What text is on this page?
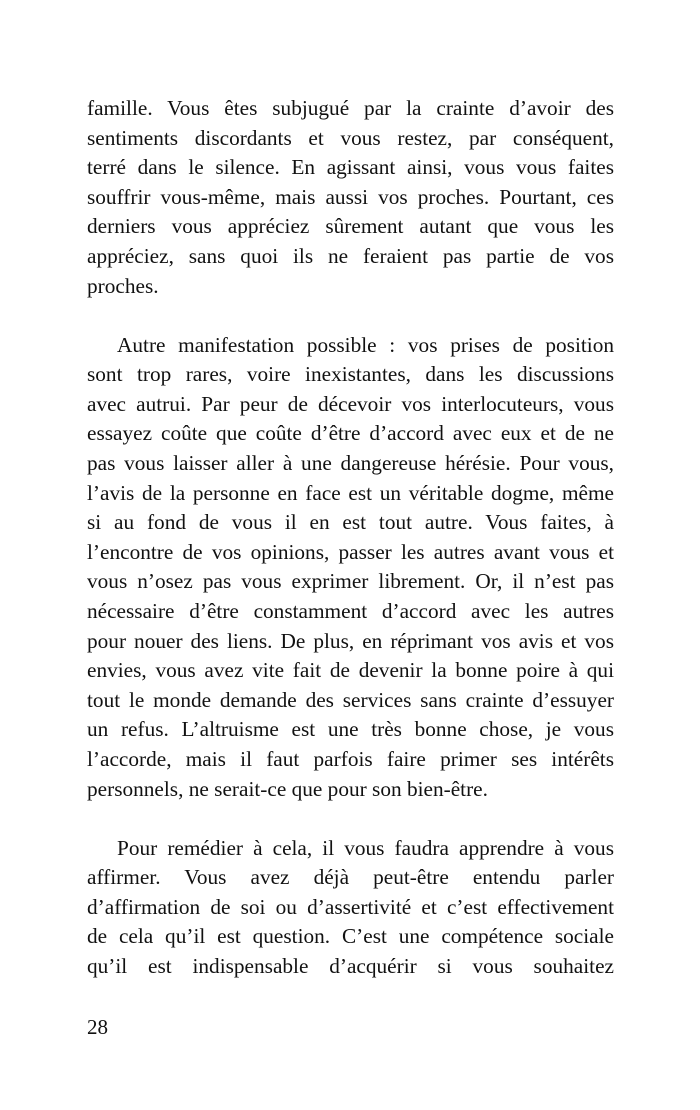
famille. Vous êtes subjugué par la crainte d’avoir des
sentiments discordants et vous restez, par conséquent,
terré dans le silence. En agissant ainsi, vous vous faites
souffrir vous-même, mais aussi vos proches. Pourtant, ces
derniers vous appréciez sûrement autant que vous les
appréciez, sans quoi ils ne feraient pas partie de vos
proches.
Autre manifestation possible : vos prises de position
sont trop rares, voire inexistantes, dans les discussions
avec autrui. Par peur de décevoir vos interlocuteurs, vous
essayez coûte que coûte d’être d’accord avec eux et de ne
pas vous laisser aller à une dangereuse hérésie. Pour vous,
l’avis de la personne en face est un véritable dogme, même
si au fond de vous il en est tout autre. Vous faites, à
l’encontre de vos opinions, passer les autres avant vous et
vous n’osez pas vous exprimer librement. Or, il n’est pas
nécessaire d’être constamment d’accord avec les autres
pour nouer des liens. De plus, en réprimant vos avis et vos
envies, vous avez vite fait de devenir la bonne poire à qui
tout le monde demande des services sans crainte d’essuyer
un refus. L’altruisme est une très bonne chose, je vous
l’accorde, mais il faut parfois faire primer ses intérêts
personnels, ne serait-ce que pour son bien-être.
Pour remédier à cela, il vous faudra apprendre à vous
affirmer. Vous avez déjà peut-être entendu parler
d’affirmation de soi ou d’assertivité et c’est effectivement
de cela qu’il est question. C’est une compétence sociale
qu’il est indispensable d’acquérir si vous souhaitez
28
